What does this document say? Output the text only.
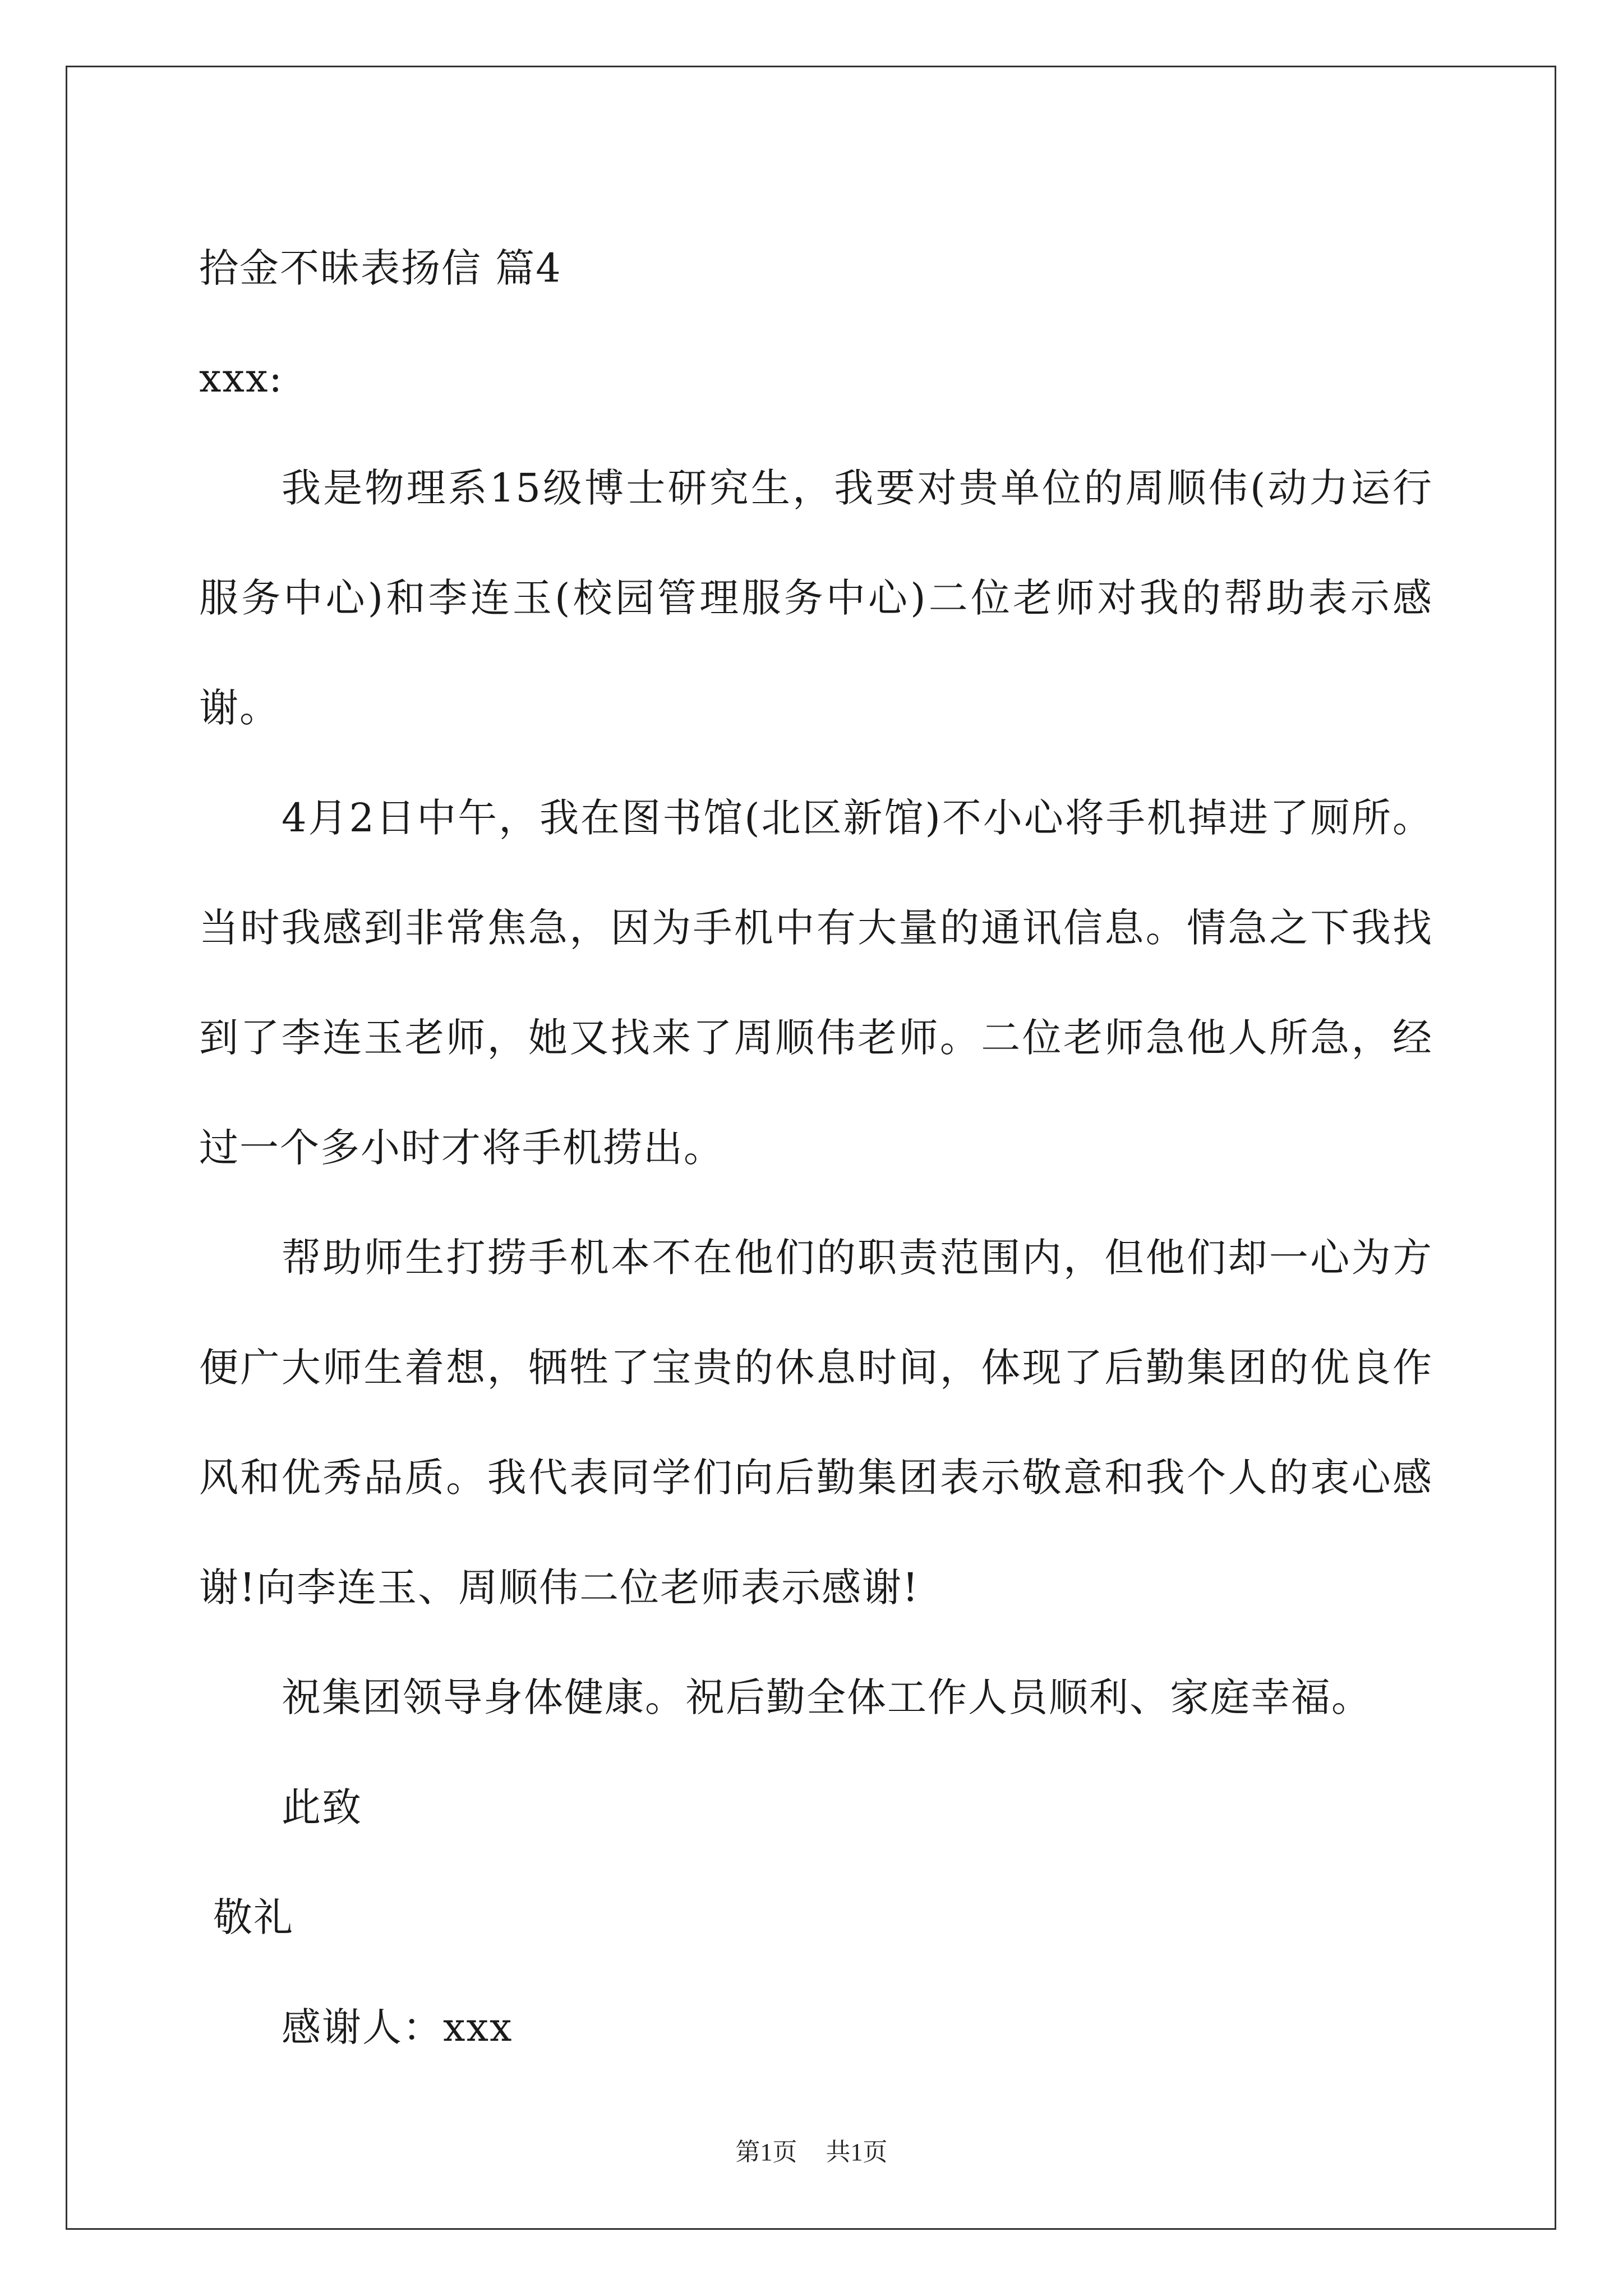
拾金不昧表扬信 篇4
xxx:
我是物理系15级博士研究生，我要对贵单位的周顺伟(动力运行服务中心)和李连玉(校园管理服务中心)二位老师对我的帮助表示感谢。
4月2日中午，我在图书馆(北区新馆)不小心将手机掉进了厕所。当时我感到非常焦急，因为手机中有大量的通讯信息。情急之下我找到了李连玉老师，她又找来了周顺伟老师。二位老师急他人所急，经过一个多小时才将手机捞出。
帮助师生打捞手机本不在他们的职责范围内，但他们却一心为方便广大师生着想，牺牲了宝贵的休息时间，体现了后勤集团的优良作风和优秀品质。我代表同学们向后勤集团表示敬意和我个人的衷心感谢!向李连玉、周顺伟二位老师表示感谢!
祝集团领导身体健康。祝后勤全体工作人员顺利、家庭幸福。
此致
敬礼
感谢人：xxx
第1页 共1页
